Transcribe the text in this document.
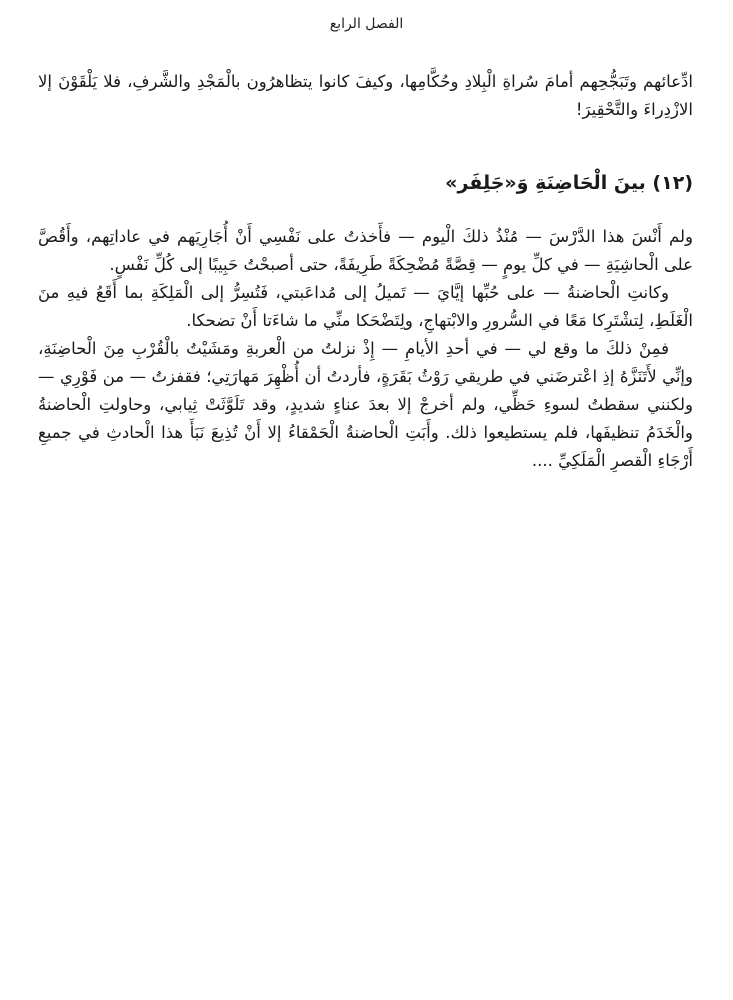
الفصل الرابع

ادِّعائهم وتَبَجُّحِهم أمامَ سُراةِ الْبِلادِ وحُكَّامِها، وكيفَ كانوا يتظاهرُون بالْمَجْدِ والشَّرفِ، فلا يَلْقَوْنَ إلا الازْدِراءَ والتَّحْقِيرَ!

(١٢) بينَ الْحَاضِنَةِ وَ«جَلِفَر»

ولم أَنْسَ هذا الدَّرْسَ — مُنْذُ ذلكَ الْيوم — فأَخذتُ على نَفْسِي أَنْ أُجَارِيَهم في عاداتِهم، وأَقُصَّ على الْحاشِيَةِ — في كلِّ يومٍ — قِصَّةً مُضْحِكَةً طَرِيفَةً، حتى أصبحْتُ حَبِيبًا إلى كُلِّ نَفْسٍ.

وكانتِ الْحاضنةُ — على حُبِّها إيَّايَ — تَميلُ إلى مُداعَبتي، فَتُسِرُّ إلى الْمَلِكَةِ بما أَقَعُ فيهِ منَ الْغَلَطِ، لِتشْتَرِكا مَعًا في السُّرورِ والابْتهاجِ، ولِتَضْحَكا منِّي ما شاءَتا أَنْ تضحكا.

فمِنْ ذلكَ ما وقع لي — في أحدِ الأيامِ — إِذْ نزلتُ من الْعربةِ ومَشَيْتُ بالْقُرْبِ مِنَ الْحاضِنَةِ، وإنِّي لأَتَنَزَّهُ إذِ اعْترضَني في طريقي رَوْثُ بَقَرَةٍ، فأردتُ أن أُظْهِرَ مَهارَتِي؛ فقفزتُ — من فَوْرِي — ولكنني سقطتُ لسوءِ حَظِّي، ولم أخرجْ إلا بعدَ عناءٍ شديدٍ، وقد تَلَوَّثَتْ ثِيابي، وحاولتِ الْحاضنةُ والْخَدَمُ تنظيفَها، فلم يستطيعوا ذلك. وأَبَتِ الْحاضنةُ الْحَمْقاءُ إلا أَنْ تُذِيعَ نَبَأَ هذا الْحادثِ في جميعِ أَرْجَاءِ الْقصرِ الْمَلَكِيِّ ....
